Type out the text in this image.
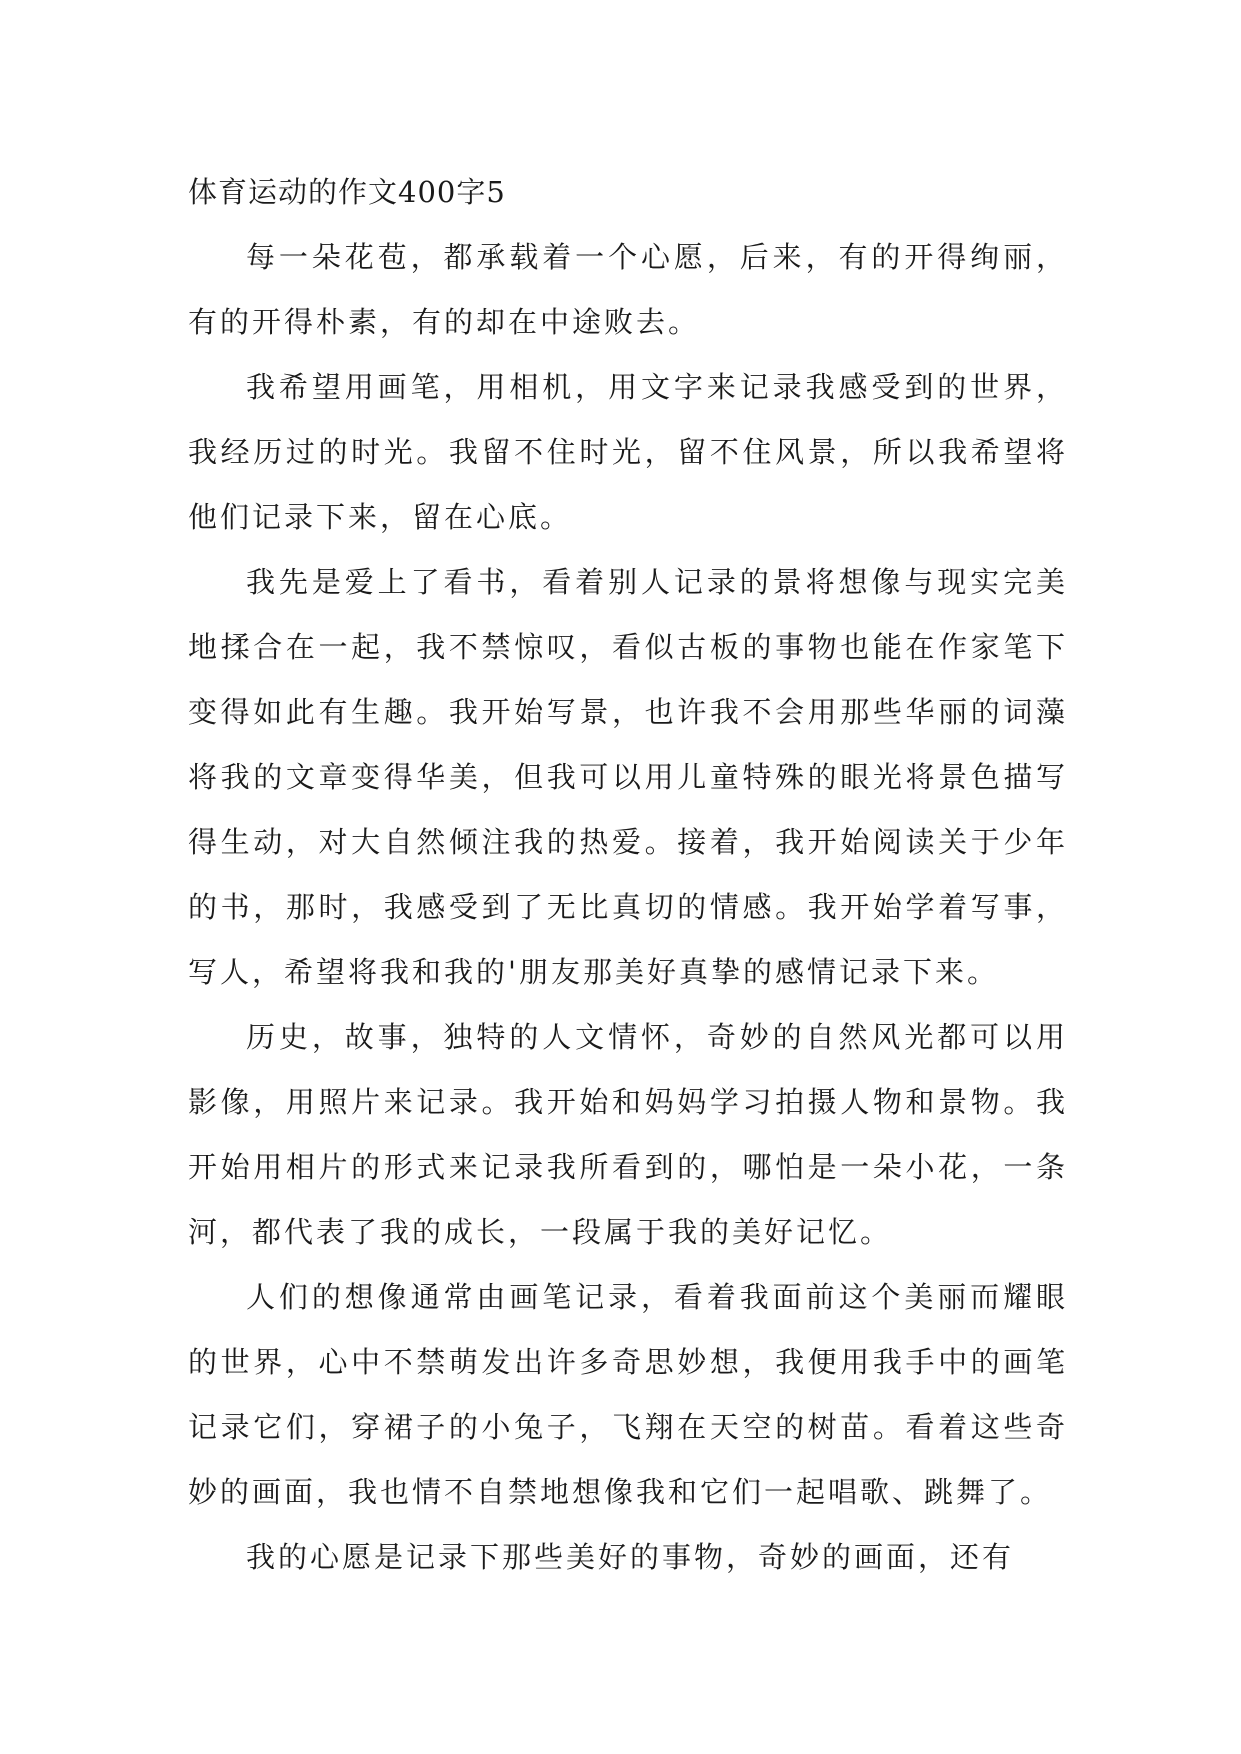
体育运动的作文400字5

每一朵花苞，都承载着一个心愿，后来，有的开得绚丽，有的开得朴素，有的却在中途败去。

我希望用画笔，用相机，用文字来记录我感受到的世界，我经历过的时光。我留不住时光，留不住风景，所以我希望将他们记录下来，留在心底。

我先是爱上了看书，看着别人记录的景将想像与现实完美地揉合在一起，我不禁惊叹，看似古板的事物也能在作家笔下变得如此有生趣。我开始写景，也许我不会用那些华丽的词藻将我的文章变得华美，但我可以用儿童特殊的眼光将景色描写得生动，对大自然倾注我的热爱。接着，我开始阅读关于少年的书，那时，我感受到了无比真切的情感。我开始学着写事，写人，希望将我和我的'朋友那美好真挚的感情记录下来。

历史，故事，独特的人文情怀，奇妙的自然风光都可以用影像，用照片来记录。我开始和妈妈学习拍摄人物和景物。我开始用相片的形式来记录我所看到的，哪怕是一朵小花，一条河，都代表了我的成长，一段属于我的美好记忆。

人们的想像通常由画笔记录，看着我面前这个美丽而耀眼的世界，心中不禁萌发出许多奇思妙想，我便用我手中的画笔记录它们，穿裙子的小兔子，飞翔在天空的树苗。看着这些奇妙的画面，我也情不自禁地想像我和它们一起唱歌、跳舞了。

我的心愿是记录下那些美好的事物，奇妙的画面，还有
